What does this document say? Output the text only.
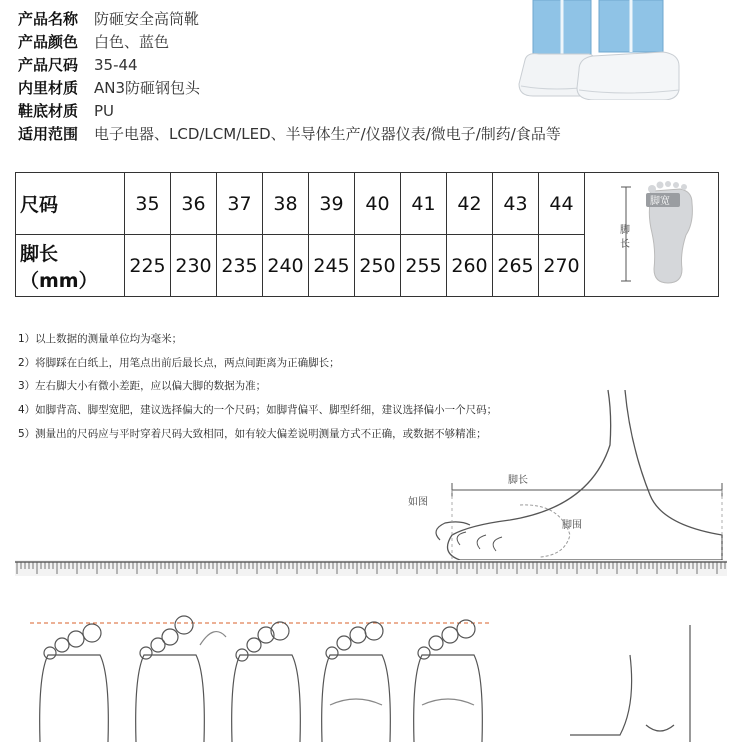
产品名称 防砸安全高筒靴
产品颜色 白色、蓝色
产品尺码 35-44
内里材质 AN3防砸钢包头
鞋底材质 PU
适用范围 电子电器、LCD/LCM/LED、半导体生产/仪器仪表/微电子/制药/食品等
尺码	35	36	37	38	39	40	41	42	43	44	脚
长
脚宽

脚长（mm）	225	230	235	240	245	250	255	260	265	270	
1）以上数据的测量单位均为毫米；
2）将脚踩在白纸上，用笔点出前后最长点，两点间距离为正确脚长；
3）左右脚大小有微小差距，应以偏大脚的数据为准；
4）如脚背高、脚型宽肥，建议选择偏大的一个尺码；如脚背偏平、脚型纤细，建议选择偏小一个尺码；
5）测量出的尺码应与平时穿着尺码大致相同，如有较大偏差说明测量方式不正确，或数据不够精准；
脚长
如图
脚围
